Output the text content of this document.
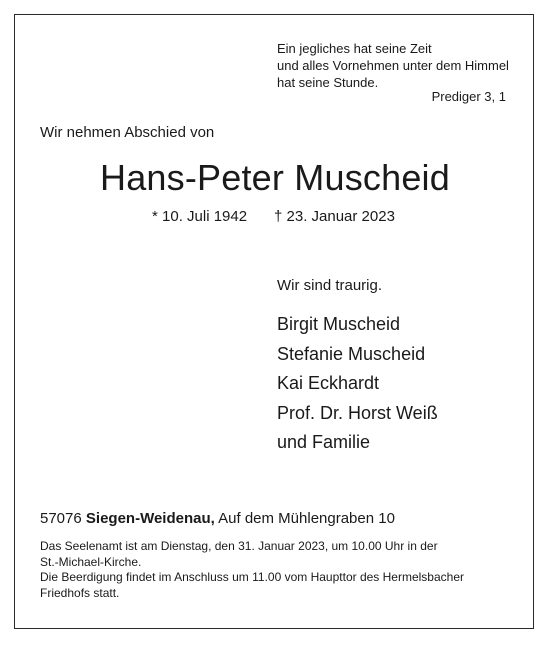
Ein jegliches hat seine Zeit
und alles Vornehmen unter dem Himmel
hat seine Stunde.
Prediger 3, 1
Wir nehmen Abschied von
Hans-Peter Muscheid
* 10. Juli 1942 † 23. Januar 2023
Wir sind traurig.
Birgit Muscheid
Stefanie Muscheid
Kai Eckhardt
Prof. Dr. Horst Weiß
und Familie
57076 Siegen-Weidenau, Auf dem Mühlengraben 10
Das Seelenamt ist am Dienstag, den 31. Januar 2023, um 10.00 Uhr in der
St.-Michael-Kirche.
Die Beerdigung findet im Anschluss um 11.00 vom Haupttor des Hermelsbacher
Friedhofs statt.
